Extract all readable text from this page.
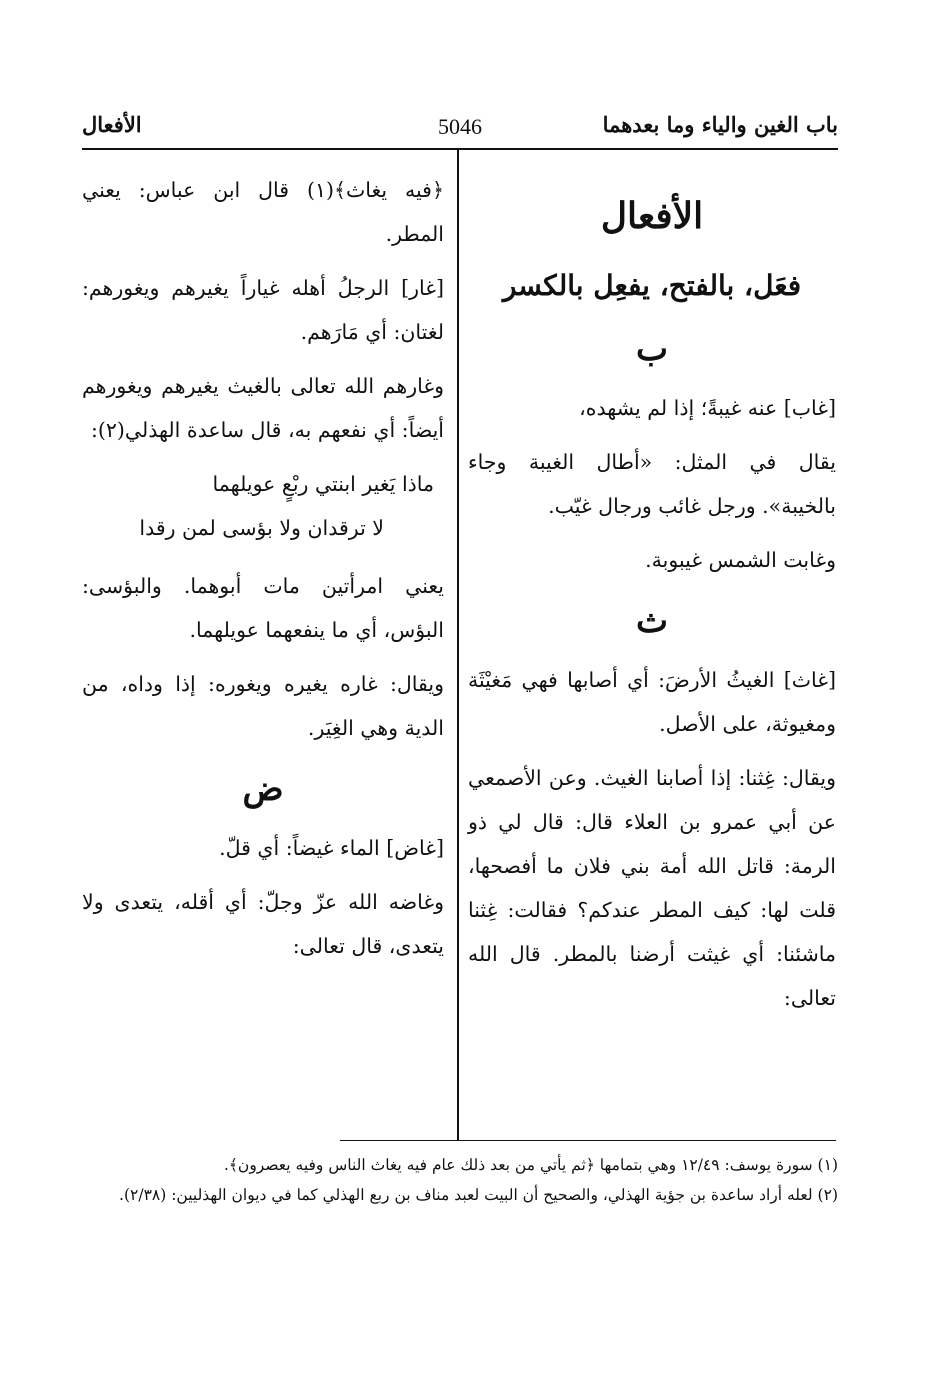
باب الغين والياء وما بعدهما
5046
الأفعال
الأفعال
فعَل، بالفتح، يفعِل بالكسر
ب

[غاب] عنه غيبةً؛ إذا لم يشهده،

يقال في المثل: «أطال الغيبة وجاء بالخيبة». ورجل غائب ورجال غيّب.

وغابت الشمس غيبوبة.

ث

[غاث] الغيثُ الأرضَ: أي أصابها فهي مَغيْثَة ومغيوثة، على الأصل.

ويقال: غِثنا: إذا أصابنا الغيث. وعن الأصمعي عن أبي عمرو بن العلاء قال: قال لي ذو الرمة: قاتل الله أمة بني فلان ما أفصحها، قلت لها: كيف المطر عندكم؟ فقالت: غِثنا ماشئنا: أي غيثت أرضنا بالمطر. قال الله تعالى:

﴿فيه يغاث﴾(١) قال ابن عباس: يعني المطر.

[غار] الرجلُ أهله غياراً يغيرهم ويغورهم: لغتان: أي مَارَهم.

وغارهم الله تعالى بالغيث يغيرهم ويغورهم أيضاً: أي نفعهم به، قال ساعدة الهذلي(٢):

ماذا يَغير ابنتي ربْعٍ عويلهما

لا ترقدان ولا بؤسى لمن رقدا

يعني امرأتين مات أبوهما. والبؤسى: البؤس، أي ما ينفعهما عويلهما.

ويقال: غاره يغيره ويغوره: إذا وداه، من الدية وهي الغِيَر.

ض

[غاض] الماء غيضاً: أي قلّ.

وغاضه الله عزّ وجلّ: أي أقله، يتعدى ولا يتعدى، قال تعالى:

(١) سورة يوسف: ١٢/٤٩ وهي بتمامها ﴿ثم يأتي من بعد ذلك عام فيه يغاث الناس وفيه يعصرون﴾.

(٢) لعله أراد ساعدة بن جؤية الهذلي، والصحيح أن البيت لعبد مناف بن ربع الهذلي كما في ديوان الهذليين: (٢/٣٨).
